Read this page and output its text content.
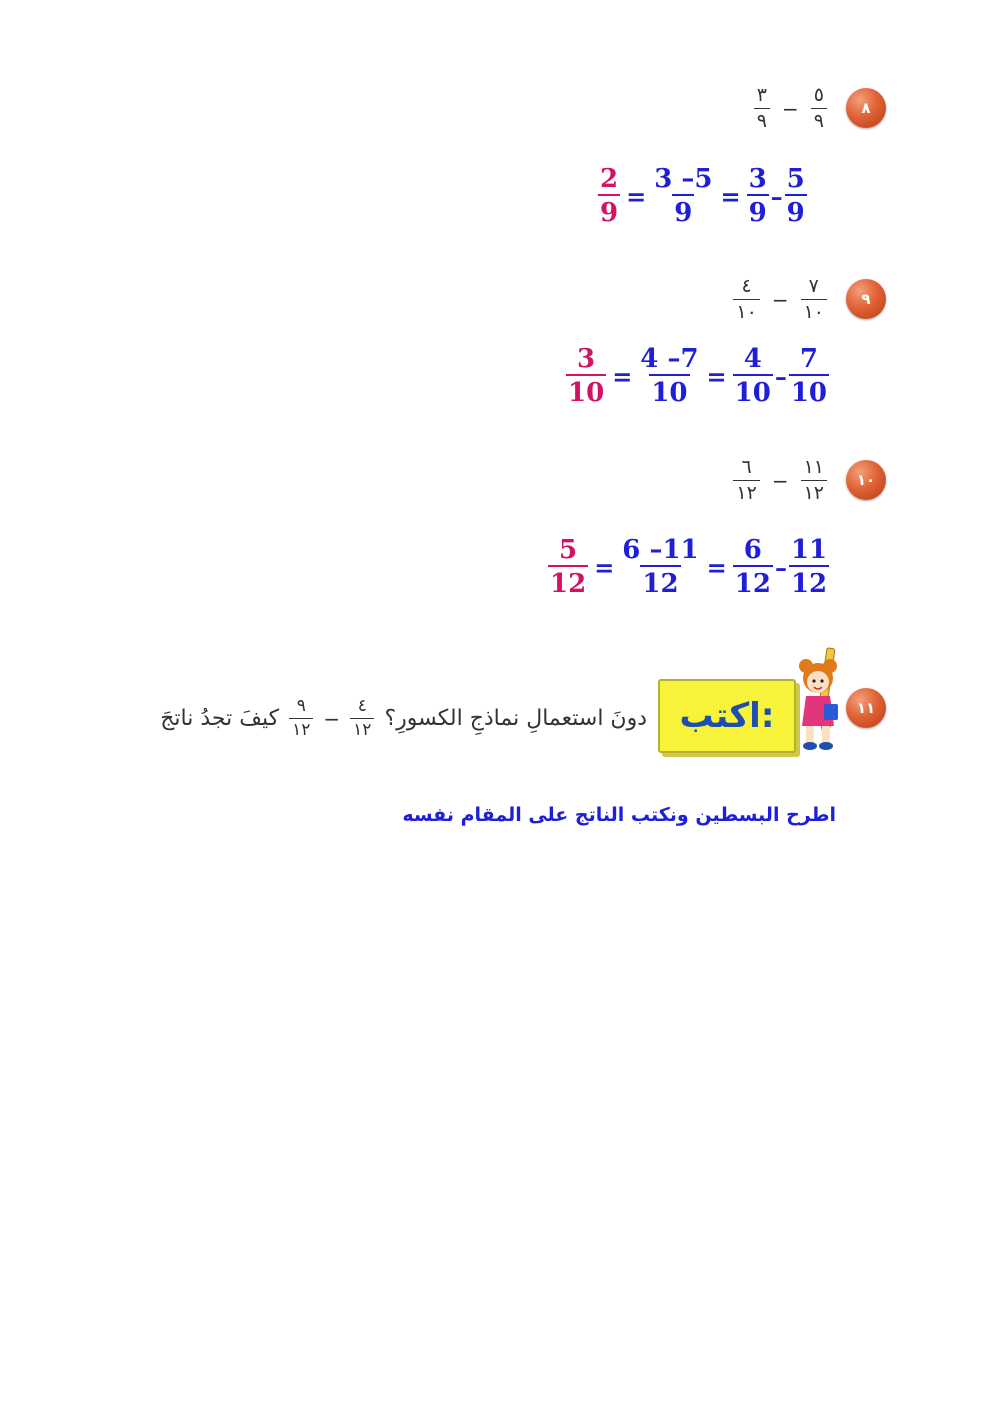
٨
$\frac{٥}{٩}$
−
$\frac{٣}{٩}$
$\frac{2}{9} = \frac{5- 3}{9} = \frac{3}{9} - \frac{5}{9}$
٩
$\frac{٧}{١٠}$
−
$\frac{٤}{١٠}$
$\frac{3}{10} = \frac{7- 4}{10} = \frac{4}{10} - \frac{7}{10}$
١٠
$\frac{١١}{١٢}$
−
$\frac{٦}{١٢}$
$\frac{5}{12} = \frac{11- 6}{12} = \frac{6}{12} - \frac{11}{12}$
١١
اكتب:
كيفَ تجدُ ناتجَ $\frac{٩}{١٢} - \frac{٤}{١٢}$ دونَ استعمالِ نماذجِ الكسورِ؟
اطرح البسطين ونكتب الناتج على المقام نفسه
